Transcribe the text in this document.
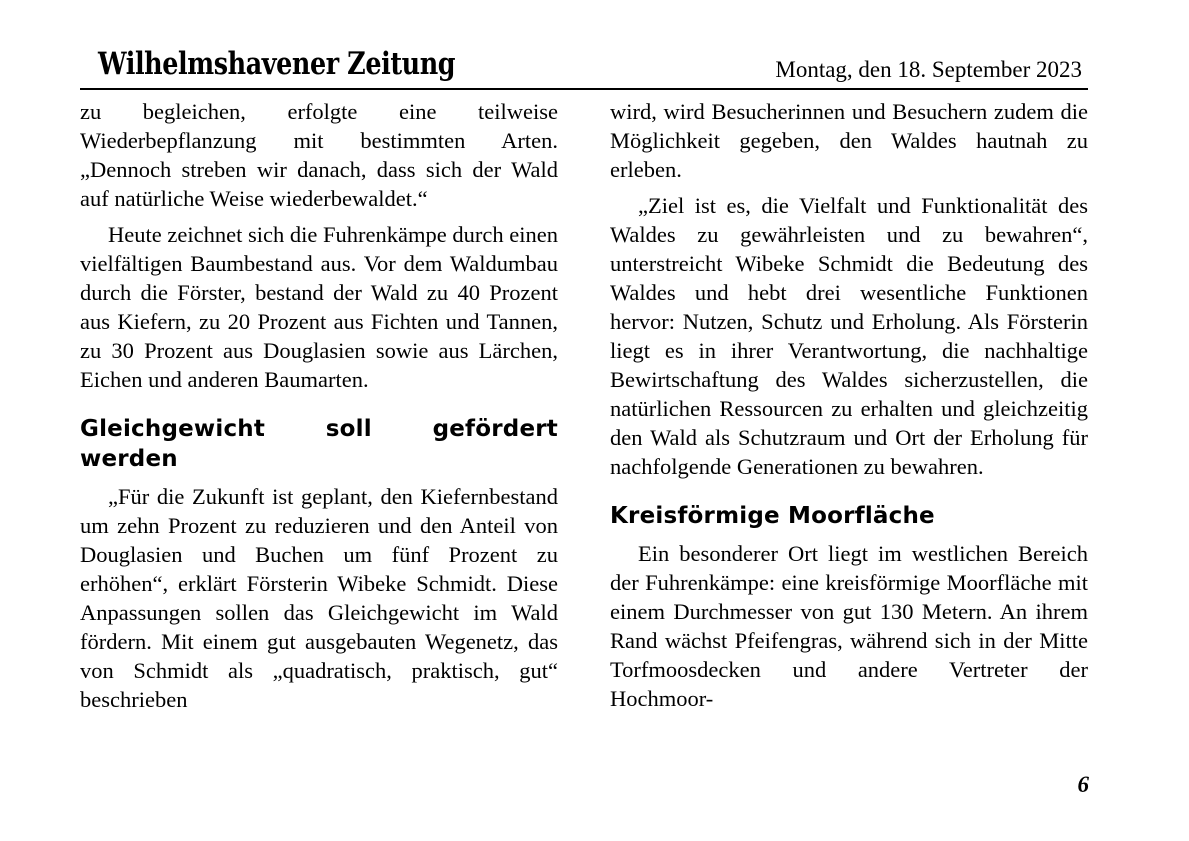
Wilhelmshavener Zeitung	Montag, den 18. September 2023

zu begleichen, erfolgte eine teilweise Wiederbepflanzung mit bestimmten Arten. „Dennoch streben wir danach, dass sich der Wald auf natürliche Weise wiederbewaldet.“

Heute zeichnet sich die Fuhrenkämpe durch einen vielfältigen Baumbestand aus. Vor dem Waldumbau durch die Förster, bestand der Wald zu 40 Prozent aus Kiefern, zu 20 Prozent aus Fichten und Tannen, zu 30 Prozent aus Douglasien sowie aus Lärchen, Eichen und anderen Baumarten.

Gleichgewicht soll gefördert werden

„Für die Zukunft ist geplant, den Kiefernbestand um zehn Prozent zu reduzieren und den Anteil von Douglasien und Buchen um fünf Prozent zu erhöhen“, erklärt Försterin Wibeke Schmidt. Diese Anpassungen sollen das Gleichgewicht im Wald fördern. Mit einem gut ausgebauten Wegenetz, das von Schmidt als „quadratisch, praktisch, gut“ beschrieben

wird, wird Besucherinnen und Besuchern zudem die Möglichkeit gegeben, den Waldes hautnah zu erleben.

„Ziel ist es, die Vielfalt und Funktionalität des Waldes zu gewährleisten und zu bewahren“, unterstreicht Wibeke Schmidt die Bedeutung des Waldes und hebt drei wesentliche Funktionen hervor: Nutzen, Schutz und Erholung. Als Försterin liegt es in ihrer Verantwortung, die nachhaltige Bewirtschaftung des Waldes sicherzustellen, die natürlichen Ressourcen zu erhalten und gleichzeitig den Wald als Schutzraum und Ort der Erholung für nachfolgende Generationen zu bewahren.

Kreisförmige Moorfläche

Ein besonderer Ort liegt im westlichen Bereich der Fuhrenkämpe: eine kreisförmige Moorfläche mit einem Durchmesser von gut 130 Metern. An ihrem Rand wächst Pfeifengras, während sich in der Mitte Torfmoosdecken und andere Vertreter der Hochmoor-

6
